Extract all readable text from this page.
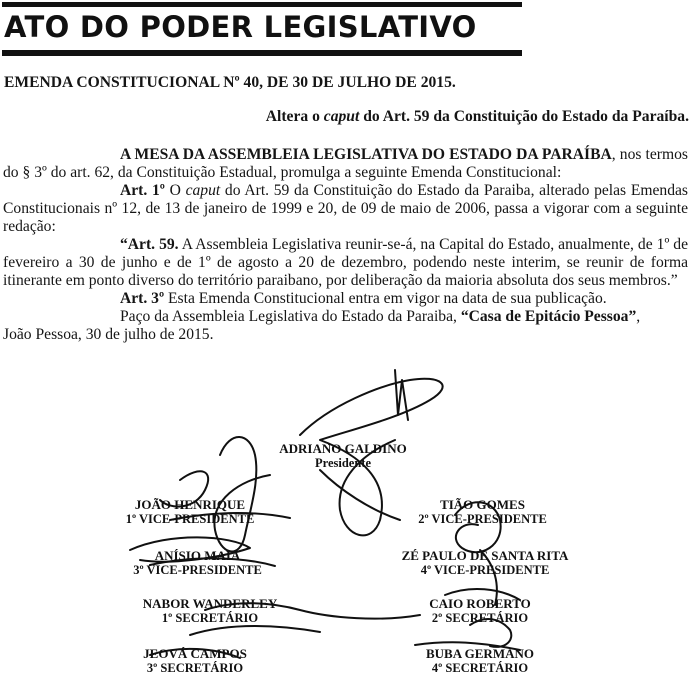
ATO DO PODER LEGISLATIVO
EMENDA CONSTITUCIONAL Nº 40, DE 30 DE JULHO DE 2015.
Altera o caput do Art. 59 da Constituição do Estado da Paraíba.

A MESA DA ASSEMBLEIA LEGISLATIVA DO ESTADO DA PARAÍBA, nos termos do § 3º do art. 62, da Constituição Estadual, promulga a seguinte Emenda Constitucional:

Art. 1º O caput do Art. 59 da Constituição do Estado da Paraiba, alterado pelas Emendas Constitucionais nº 12, de 13 de janeiro de 1999 e 20, de 09 de maio de 2006, passa a vigorar com a seguinte redação:

“Art. 59. A Assembleia Legislativa reunir-se-á, na Capital do Estado, anualmente, de 1º de fevereiro a 30 de junho e de 1º de agosto a 20 de dezembro, podendo neste interim, se reunir de forma itinerante em ponto diverso do território paraibano, por deliberação da maioria absoluta dos seus membros.”

Art. 3º Esta Emenda Constitucional entra em vigor na data de sua publicação.

Paço da Assembleia Legislativa do Estado da Paraiba, “Casa de Epitácio Pessoa”,

João Pessoa, 30 de julho de 2015.

ADRIANO GALDINO
Presidente
JOÃO HENRIQUE
1º VICE-PRESIDENTE
TIÃO GOMES
2º VICE-PRESIDENTE
ANÍSIO MAIA
3º VICE-PRESIDENTE
ZÉ PAULO DE SANTA RITA
4º VICE-PRESIDENTE
NABOR WANDERLEY
1º SECRETÁRIO
CAIO ROBERTO
2º SECRETÁRIO
JEOVÁ CAMPOS
3º SECRETÁRIO
BUBA GERMANO
4º SECRETÁRIO
